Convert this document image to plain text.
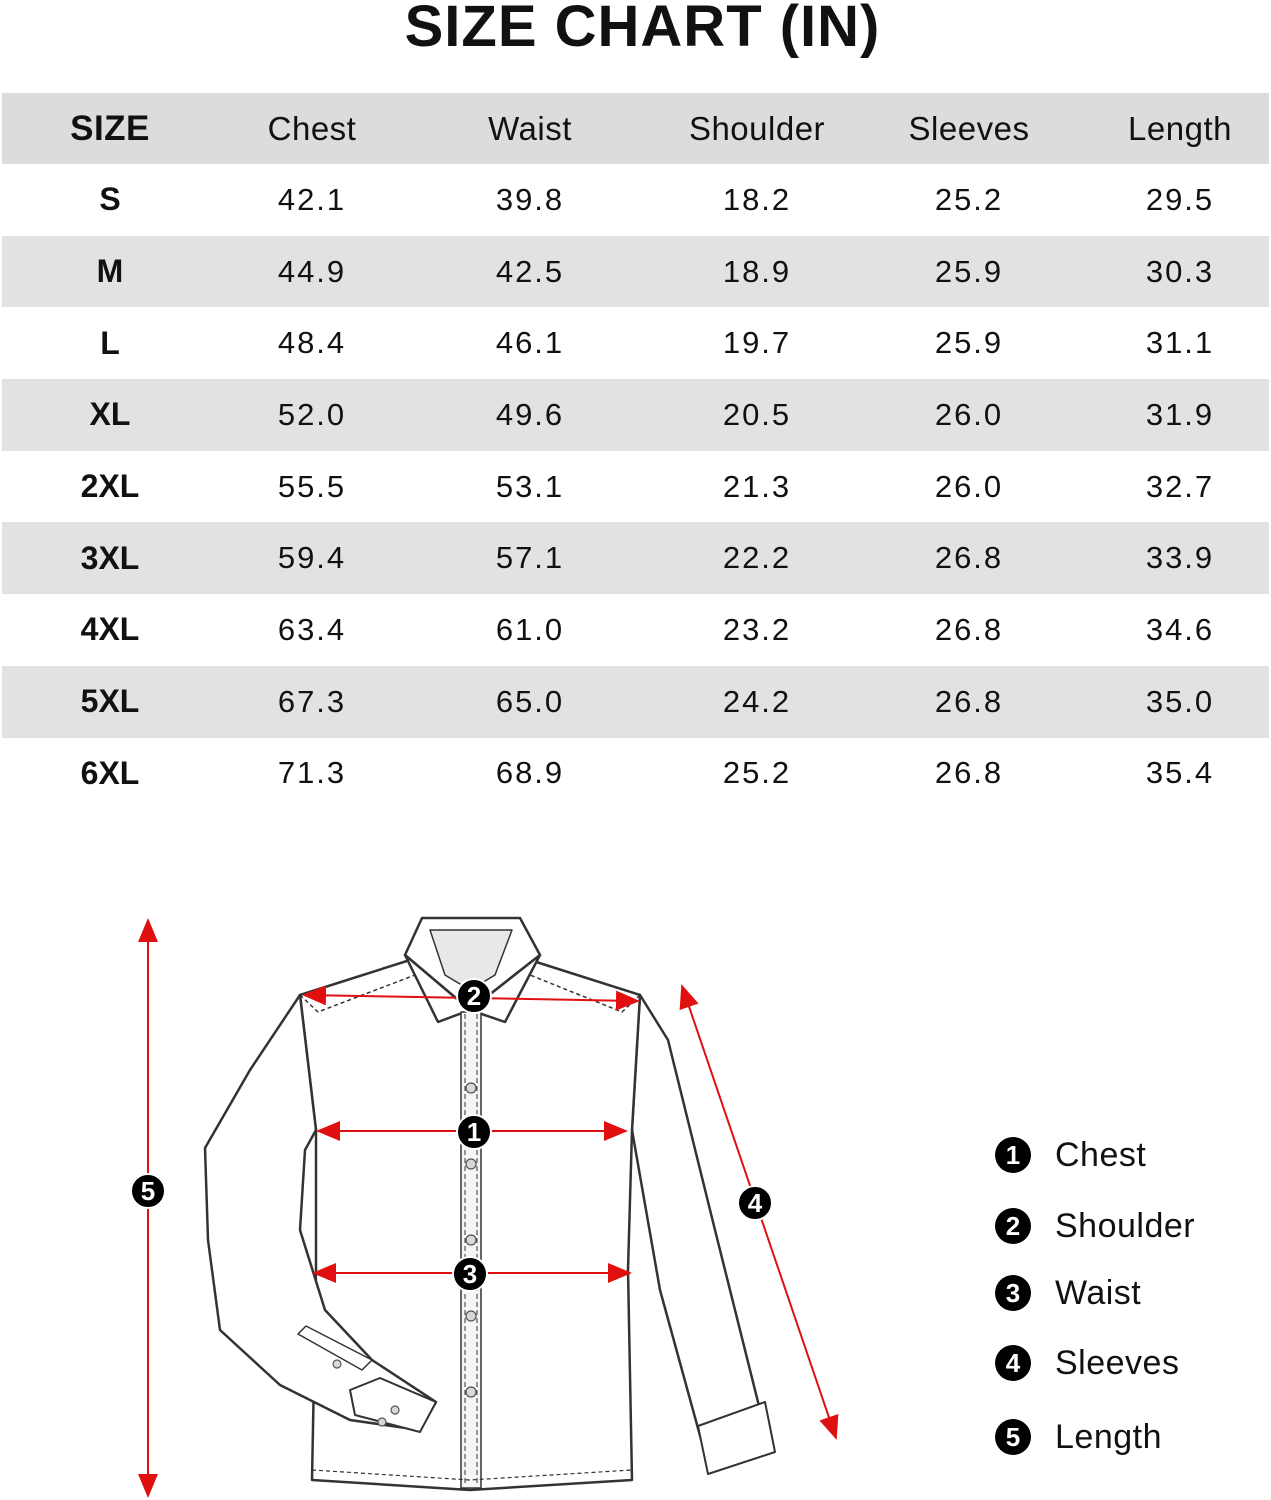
SIZE CHART (IN)
SIZE	Chest	Waist	Shoulder	Sleeves	Length
S	42.1	39.8	18.2	25.2	29.5
M	44.9	42.5	18.9	25.9	30.3
L	48.4	46.1	19.7	25.9	31.1
XL	52.0	49.6	20.5	26.0	31.9
2XL	55.5	53.1	21.3	26.0	32.7
3XL	59.4	57.1	22.2	26.8	33.9
4XL	63.4	61.0	23.2	26.8	34.6
5XL	67.3	65.0	24.2	26.8	35.0
6XL	71.3	68.9	25.2	26.8	35.4
1
2
3
4
5
1	Chest
2	Shoulder
3	Waist
4	Sleeves
5	Length
